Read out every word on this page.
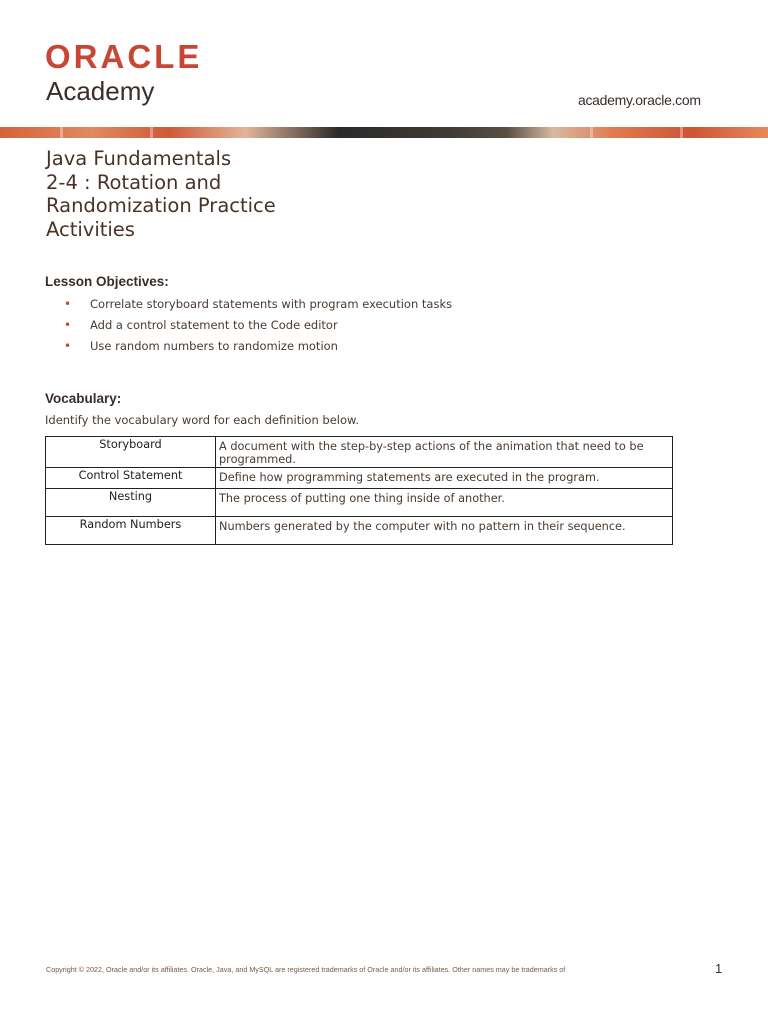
ORACLE
Academy	academy.oracle.com
Java Fundamentals
2-4 : Rotation and
Randomization Practice
Activities
Lesson Objectives:
• Correlate storyboard statements with program execution tasks
• Add a control statement to the Code editor
• Use random numbers to randomize motion
Vocabulary:
Identify the vocabulary word for each definition below.
Storyboard	A document with the step-by-step actions of the animation that need to be programmed.
Control Statement	Define how programming statements are executed in the program.
Nesting	The process of putting one thing inside of another.
Random Numbers	Numbers generated by the computer with no pattern in their sequence.
Copyright © 2022, Oracle and/or its affiliates. Oracle, Java, and MySQL are registered trademarks of Oracle and/or its affiliates. Other names may be trademarks of	1
